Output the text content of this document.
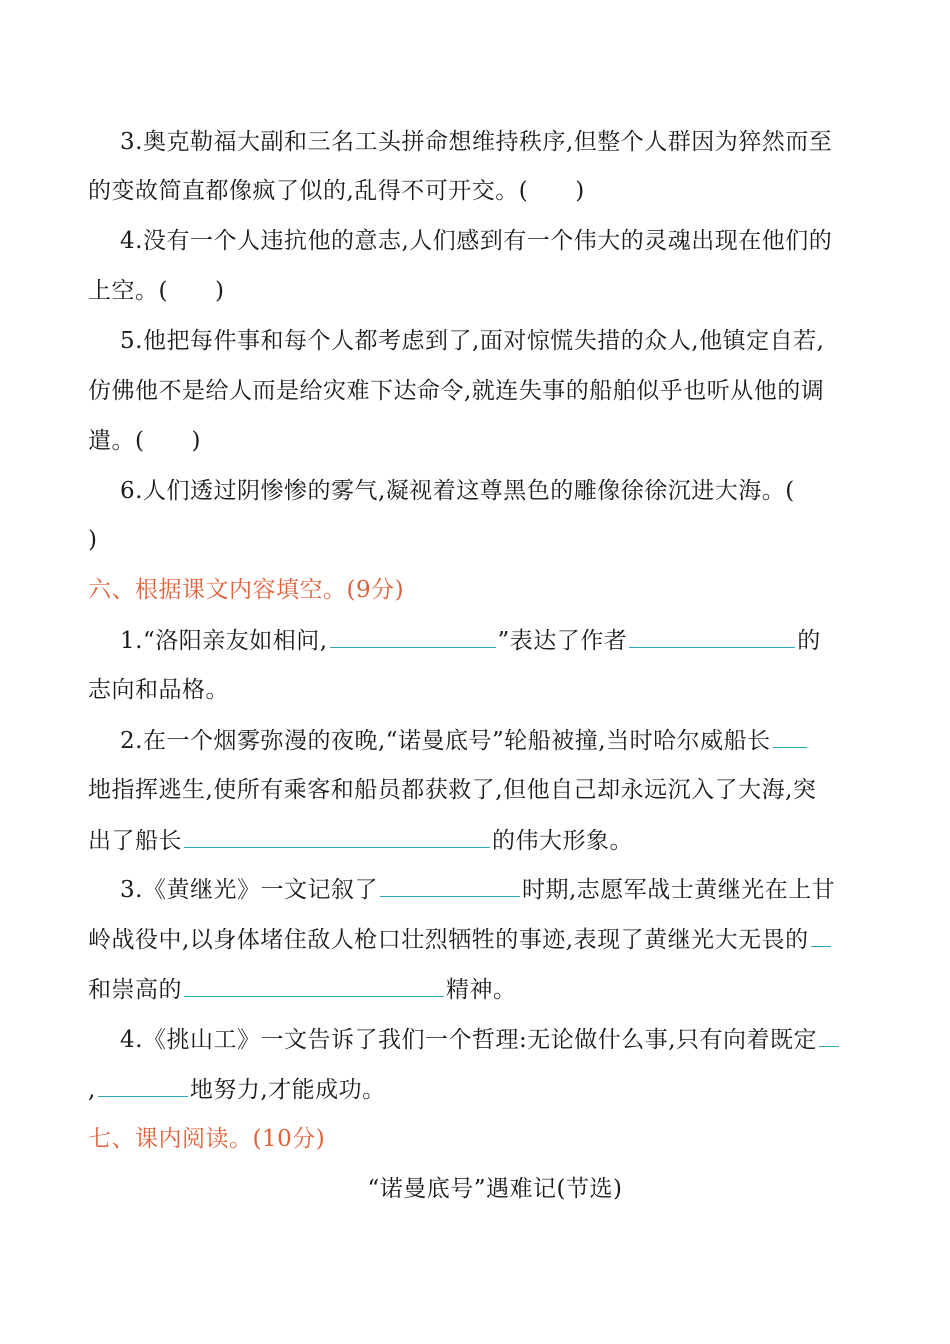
3.奥克勒福大副和三名工头拼命想维持秩序,但整个人群因为猝然而至
的变故简直都像疯了似的,乱得不可开交。(　　)
4.没有一个人违抗他的意志,人们感到有一个伟大的灵魂出现在他们的
上空。(　　)
5.他把每件事和每个人都考虑到了,面对惊慌失措的众人,他镇定自若,
仿佛他不是给人而是给灾难下达命令,就连失事的船舶似乎也听从他的调
遣。(　　)
6.人们透过阴惨惨的雾气,凝视着这尊黑色的雕像徐徐沉进大海。(
)
六、根据课文内容填空。(9分)
1.“洛阳亲友如相问,	”表达了作者	的
志向和品格。
2.在一个烟雾弥漫的夜晚,“诺曼底号”轮船被撞,当时哈尔威船长
地指挥逃生,使所有乘客和船员都获救了,但他自己却永远沉入了大海,突
出了船长	的伟大形象。
3.《黄继光》一文记叙了	时期,志愿军战士黄继光在上甘
岭战役中,以身体堵住敌人枪口壮烈牺牲的事迹,表现了黄继光大无畏的
和崇高的	精神。
4.《挑山工》一文告诉了我们一个哲理:无论做什么事,只有向着既定
,	地努力,才能成功。
七、课内阅读。(10分)
“诺曼底号”遇难记(节选)
